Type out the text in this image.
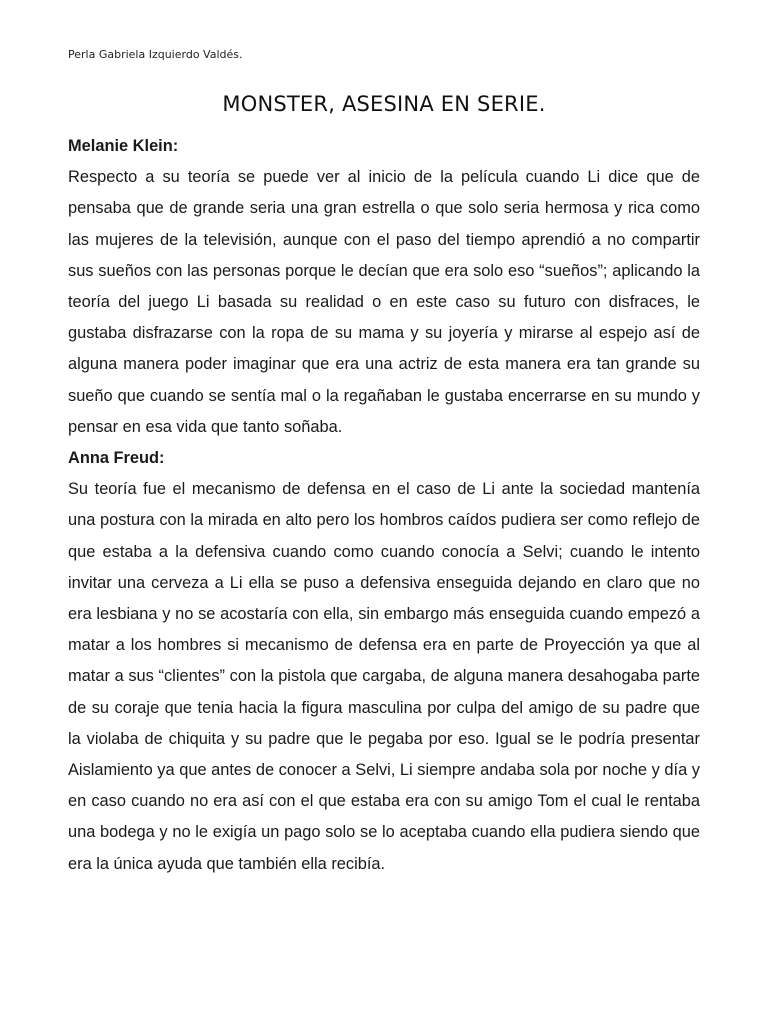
Perla Gabriela Izquierdo Valdés.

MONSTER, ASESINA EN SERIE.

Melanie Klein:

Respecto a su teoría se puede ver al inicio de la película cuando Li dice que de pensaba que de grande seria una gran estrella o que solo seria hermosa y rica como las mujeres de la televisión, aunque con el paso del tiempo aprendió a no compartir sus sueños con las personas porque le decían que era solo eso “sueños”; aplicando la teoría del juego Li basada su realidad o en este caso su futuro con disfraces, le gustaba disfrazarse con la ropa de su mama y su joyería y mirarse al espejo así de alguna manera poder imaginar que era una actriz de esta manera era tan grande su sueño que cuando se sentía mal o la regañaban le gustaba encerrarse en su mundo y pensar en esa vida que tanto soñaba.

Anna Freud:

Su teoría fue el mecanismo de defensa en el caso de Li ante la sociedad mantenía una postura con la mirada en alto pero los hombros caídos pudiera ser como reflejo de que estaba a la defensiva cuando como cuando conocía a Selvi; cuando le intento invitar una cerveza a Li ella se puso a defensiva enseguida dejando en claro que no era lesbiana y no se acostaría con ella, sin embargo más enseguida cuando empezó a matar a los hombres si mecanismo de defensa era en parte de Proyección ya que al matar a sus “clientes” con la pistola que cargaba, de alguna manera desahogaba parte de su coraje que tenia hacia la figura masculina por culpa del amigo de su padre que la violaba de chiquita y su padre que le pegaba por eso. Igual se le podría presentar Aislamiento ya que antes de conocer a Selvi, Li siempre andaba sola por noche y día y en caso cuando no era así con el que estaba era con su amigo Tom el cual le rentaba una bodega y no le exigía un pago solo se lo aceptaba cuando ella pudiera siendo que era la única ayuda que también ella recibía.
